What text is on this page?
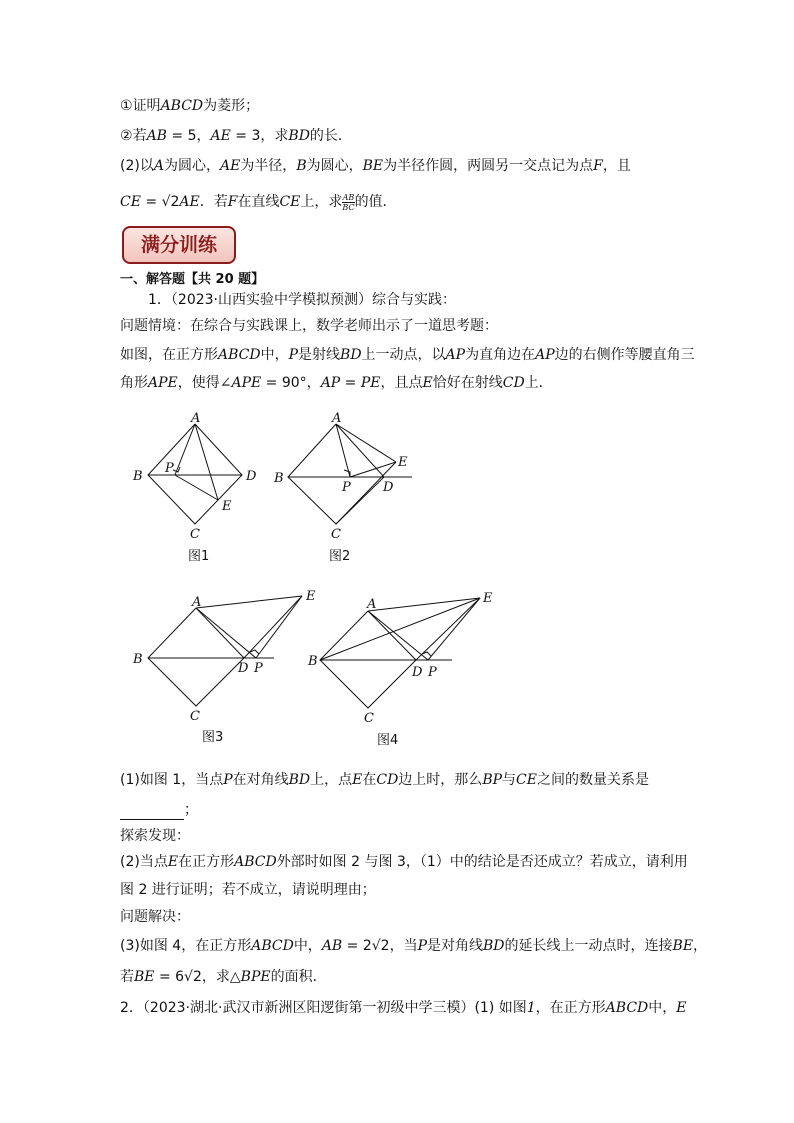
①证明ABCD为菱形；
②若AB = 5，AE = 3，求BD的长．
(2)以A为圆心，AE为半径，B为圆心，BE为半径作圆，两圆另一交点记为点F，且
CE = √2AE．若F在直线CE上，求 $\frac{AB}{BC}$的值．
满分训练
一、解答题【共 20 题】
1．（2023·山西实验中学模拟预测）综合与实践：
问题情境：在综合与实践课上，数学老师出示了一道思考题：
如图，在正方形ABCD中，P是射线BD上一动点，以AP为直角边在AP边的右侧作等腰直角三
角形APE，使得∠APE = 90°，AP = PE，且点E恰好在射线CD上．
A
B
C
D
P
E
图1
A
B
C
D
P
E
图2
A
B
C
D P
E
图3
A
B
C
D P
E
图4
(1)如图 1，当点P在对角线BD上，点E在CD边上时，那么BP与CE之间的数量关系是
；
探索发现：
(2)当点E在正方形ABCD外部时如图 2 与图 3，（1）中的结论是否还成立？若成立，请利用
图 2 进行证明；若不成立，请说明理由；
问题解决：
(3)如图 4，在正方形ABCD中，AB = 2√2，当P是对角线BD的延长线上一动点时，连接BE，
若BE = 6√2，求△BPE的面积．
2．（2023·湖北·武汉市新洲区阳逻街第一初级中学三模）(1) 如图1，在正方形ABCD中，E
